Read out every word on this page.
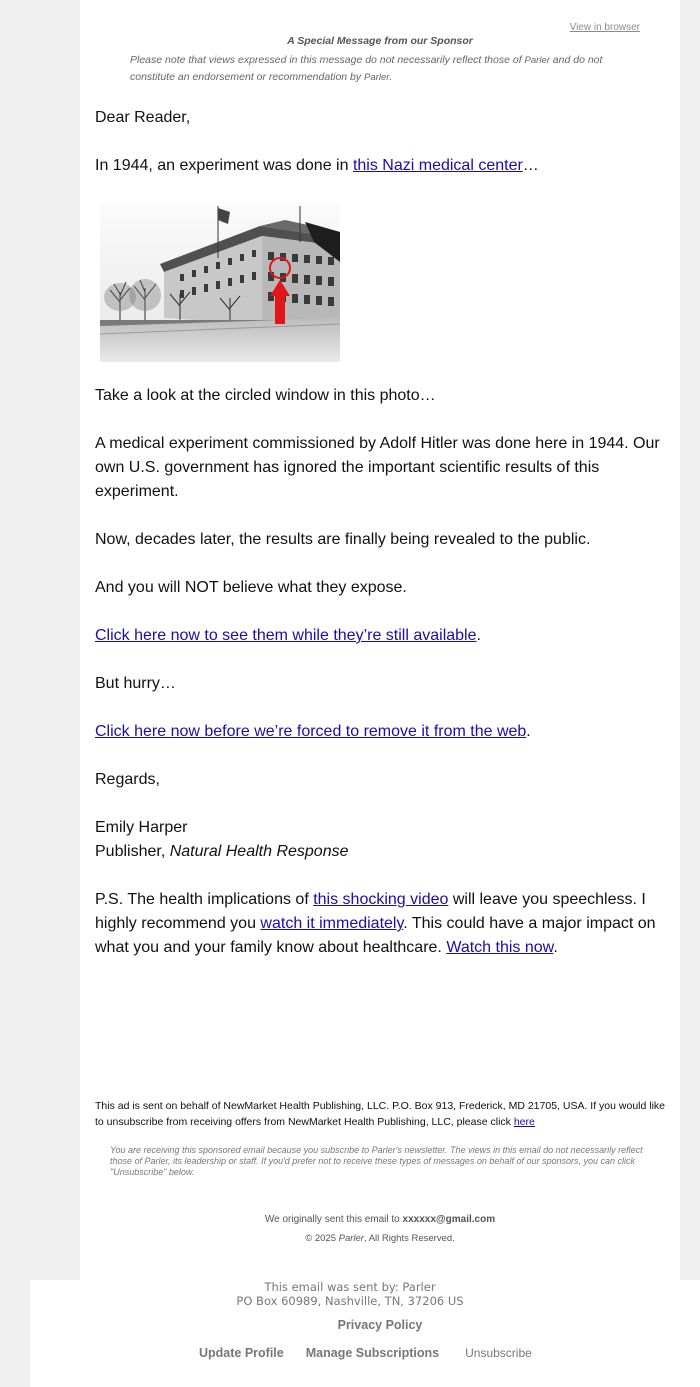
View in browser
A Special Message from our Sponsor
Please note that views expressed in this message do not necessarily reflect those of Parler and do not constitute an endorsement or recommendation by Parler.

Dear Reader,

In 1944, an experiment was done in this Nazi medical center…

Take a look at the circled window in this photo…

A medical experiment commissioned by Adolf Hitler was done here in 1944. Our own U.S. government has ignored the important scientific results of this experiment.

Now, decades later, the results are finally being revealed to the public.

And you will NOT believe what they expose.

Click here now to see them while they’re still available.

But hurry…

Click here now before we’re forced to remove it from the web.

Regards,

Emily Harper
Publisher, Natural Health Response

P.S. The health implications of this shocking video will leave you speechless. I highly recommend you watch it immediately. This could have a major impact on what you and your family know about healthcare. Watch this now.

This ad is sent on behalf of NewMarket Health Publishing, LLC. P.O. Box 913, Frederick, MD 21705, USA. If you would like to unsubscribe from receiving offers from NewMarket Health Publishing, LLC, please click here
You are receiving this sponsored email because you subscribe to Parler's newsletter. The views in this email do not necessarily reflect those of Parler, its leadership or staff. If you'd prefer not to receive these types of messages on behalf of our sponsors, you can click "Unsubscribe" below.
We originally sent this email to xxxxxx@gmail.com
© 2025 Parler, All Rights Reserved.
This email was sent by: Parler
PO Box 60989, Nashville, TN, 37206 US
Privacy Policy
Update Profile Manage Subscriptions Unsubscribe
